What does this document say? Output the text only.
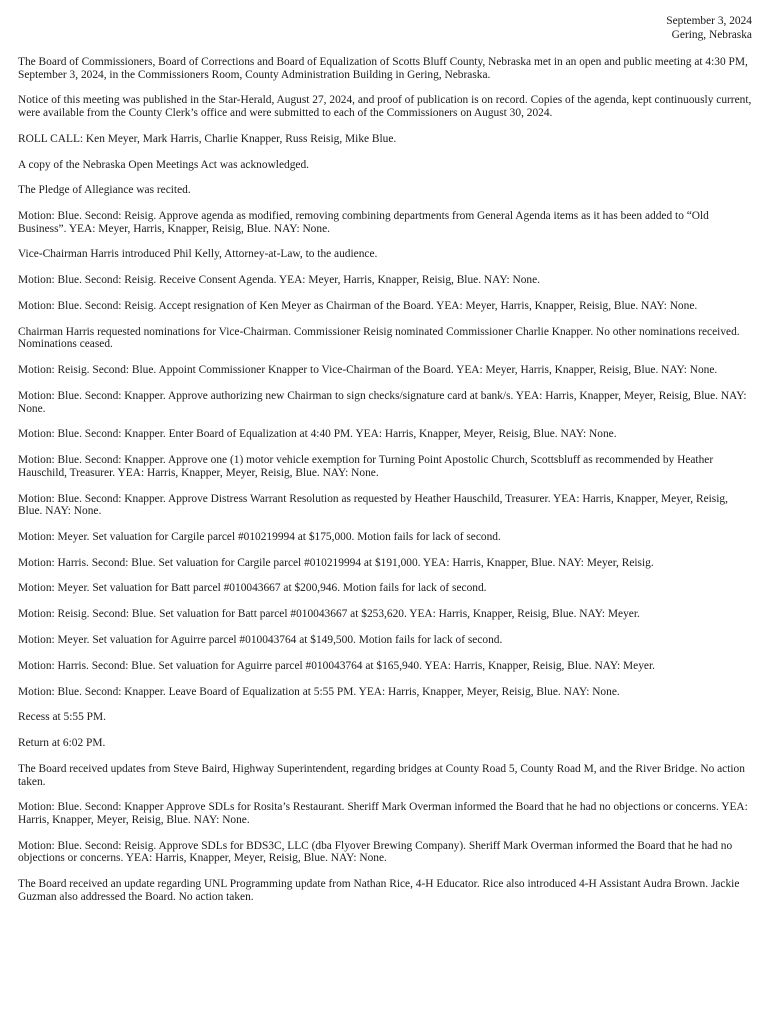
September 3, 2024
Gering, Nebraska

The Board of Commissioners, Board of Corrections and Board of Equalization of Scotts Bluff County, Nebraska met in an open and public meeting at 4:30 PM, September 3, 2024, in the Commissioners Room, County Administration Building in Gering, Nebraska.

Notice of this meeting was published in the Star-Herald, August 27, 2024, and proof of publication is on record. Copies of the agenda, kept continuously current, were available from the County Clerk’s office and were submitted to each of the Commissioners on August 30, 2024.

ROLL CALL: Ken Meyer, Mark Harris, Charlie Knapper, Russ Reisig, Mike Blue.

A copy of the Nebraska Open Meetings Act was acknowledged.

The Pledge of Allegiance was recited.

Motion: Blue. Second: Reisig. Approve agenda as modified, removing combining departments from General Agenda items as it has been added to “Old Business”. YEA: Meyer, Harris, Knapper, Reisig, Blue. NAY: None.

Vice-Chairman Harris introduced Phil Kelly, Attorney-at-Law, to the audience.

Motion: Blue. Second: Reisig. Receive Consent Agenda. YEA: Meyer, Harris, Knapper, Reisig, Blue. NAY: None.

Motion: Blue. Second: Reisig. Accept resignation of Ken Meyer as Chairman of the Board. YEA: Meyer, Harris, Knapper, Reisig, Blue. NAY: None.

Chairman Harris requested nominations for Vice-Chairman. Commissioner Reisig nominated Commissioner Charlie Knapper. No other nominations received. Nominations ceased.

Motion: Reisig. Second: Blue. Appoint Commissioner Knapper to Vice-Chairman of the Board. YEA: Meyer, Harris, Knapper, Reisig, Blue. NAY: None.

Motion: Blue. Second: Knapper. Approve authorizing new Chairman to sign checks/signature card at bank/s. YEA: Harris, Knapper, Meyer, Reisig, Blue. NAY: None.

Motion: Blue. Second: Knapper. Enter Board of Equalization at 4:40 PM. YEA: Harris, Knapper, Meyer, Reisig, Blue. NAY: None.

Motion: Blue. Second: Knapper. Approve one (1) motor vehicle exemption for Turning Point Apostolic Church, Scottsbluff as recommended by Heather Hauschild, Treasurer. YEA: Harris, Knapper, Meyer, Reisig, Blue. NAY: None.

Motion: Blue. Second: Knapper. Approve Distress Warrant Resolution as requested by Heather Hauschild, Treasurer. YEA: Harris, Knapper, Meyer, Reisig, Blue. NAY: None.

Motion: Meyer. Set valuation for Cargile parcel #010219994 at $175,000. Motion fails for lack of second.

Motion: Harris. Second: Blue. Set valuation for Cargile parcel #010219994 at $191,000. YEA: Harris, Knapper, Blue. NAY: Meyer, Reisig.

Motion: Meyer. Set valuation for Batt parcel #010043667 at $200,946. Motion fails for lack of second.

Motion: Reisig. Second: Blue. Set valuation for Batt parcel #010043667 at $253,620. YEA: Harris, Knapper, Reisig, Blue. NAY: Meyer.

Motion: Meyer. Set valuation for Aguirre parcel #010043764 at $149,500. Motion fails for lack of second.

Motion: Harris. Second: Blue. Set valuation for Aguirre parcel #010043764 at $165,940. YEA: Harris, Knapper, Reisig, Blue. NAY: Meyer.

Motion: Blue. Second: Knapper. Leave Board of Equalization at 5:55 PM. YEA: Harris, Knapper, Meyer, Reisig, Blue. NAY: None.

Recess at 5:55 PM.

Return at 6:02 PM.

The Board received updates from Steve Baird, Highway Superintendent, regarding bridges at County Road 5, County Road M, and the River Bridge. No action taken.

Motion: Blue. Second: Knapper Approve SDLs for Rosita’s Restaurant. Sheriff Mark Overman informed the Board that he had no objections or concerns. YEA: Harris, Knapper, Meyer, Reisig, Blue. NAY: None.

Motion: Blue. Second: Reisig. Approve SDLs for BDS3C, LLC (dba Flyover Brewing Company). Sheriff Mark Overman informed the Board that he had no objections or concerns. YEA: Harris, Knapper, Meyer, Reisig, Blue. NAY: None.

The Board received an update regarding UNL Programming update from Nathan Rice, 4-H Educator. Rice also introduced 4-H Assistant Audra Brown. Jackie Guzman also addressed the Board. No action taken.
